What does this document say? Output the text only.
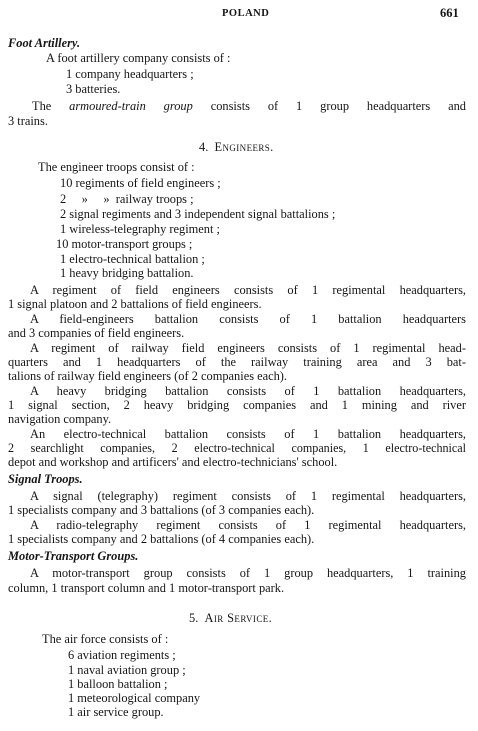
POLAND	661
Foot Artillery.
A foot artillery company consists of :
1 company headquarters ;
3 batteries.
The armoured-train group consists of 1 group headquarters and
3 trains.
4. Engineers.
The engineer troops consist of :
10 regiments of field engineers ;
2     »     »  railway troops ;
2 signal regiments and 3 independent signal battalions ;
1 wireless-telegraphy regiment ;
10 motor-transport groups ;
1 electro-technical battalion ;
1 heavy bridging battalion.
A regiment of field engineers consists of 1 regimental headquarters,
1 signal platoon and 2 battalions of field engineers.
A field-engineers battalion consists of 1 battalion headquarters
and 3 companies of field engineers.
A regiment of railway field engineers consists of 1 regimental head-
quarters and 1 headquarters of the railway training area and 3 bat-
talions of railway field engineers (of 2 companies each).
A heavy bridging battalion consists of 1 battalion headquarters,
1 signal section, 2 heavy bridging companies and 1 mining and river
navigation company.
An electro-technical battalion consists of 1 battalion headquarters,
2 searchlight companies, 2 electro-technical companies, 1 electro-technical
depot and workshop and artificers' and electro-technicians' school.
Signal Troops.
A signal (telegraphy) regiment consists of 1 regimental headquarters,
1 specialists company and 3 battalions (of 3 companies each).
A radio-telegraphy regiment consists of 1 regimental headquarters,
1 specialists company and 2 battalions (of 4 companies each).
Motor-Transport Groups.
A motor-transport group consists of 1 group headquarters, 1 training
column, 1 transport column and 1 motor-transport park.
5. Air Service.
The air force consists of :
6 aviation regiments ;
1 naval aviation group ;
1 balloon battalion ;
1 meteorological company
1 air service group.
